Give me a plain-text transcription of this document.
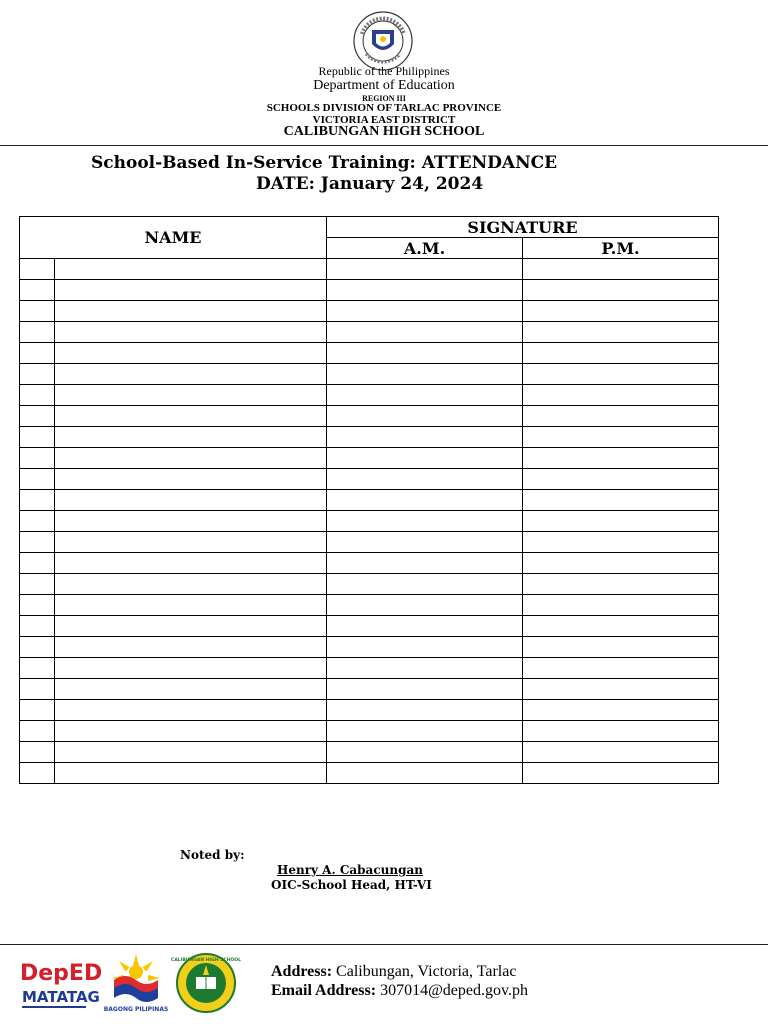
Republic of the Philippines
Department of Education
REGION III
SCHOOLS DIVISION OF TARLAC PROVINCE
VICTORIA EAST DISTRICT
CALIBUNGAN HIGH SCHOOL
School-Based In-Service Training: ATTENDANCE
DATE: January 24, 2024
NAME		SIGNATURE	
		A.M.	P.M.

Noted by:
Henry A. Cabacungan
OIC-School Head, HT-VI
DepED
MATATAG
BAGONG PILIPINAS
CALIBUNGAN HIGH SCHOOL
Address: Calibungan, Victoria, Tarlac
Email Address: 307014@deped.gov.ph
